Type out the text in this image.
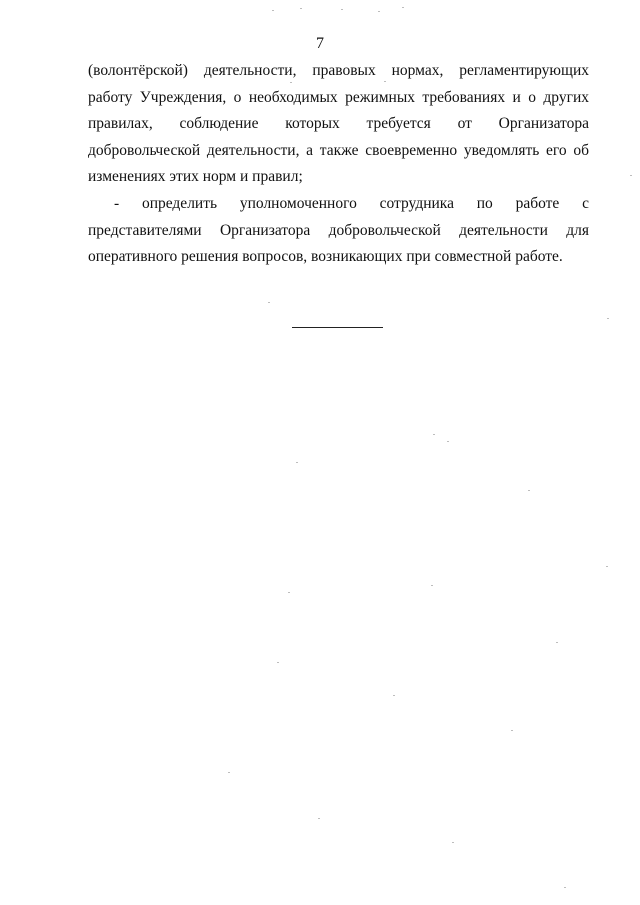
7

(волонтёрской) деятельности, правовых нормах, регламентирующих работу Учреждения, о необходимых режимных требованиях и о других правилах, соблюдение которых требуется от Организатора добровольческой деятельности, а также своевременно уведомлять его об изменениях этих норм и правил;

- определить уполномоченного сотрудника по работе с представителями Организатора добровольческой деятельности для оперативного решения вопросов, возникающих при совместной работе.
